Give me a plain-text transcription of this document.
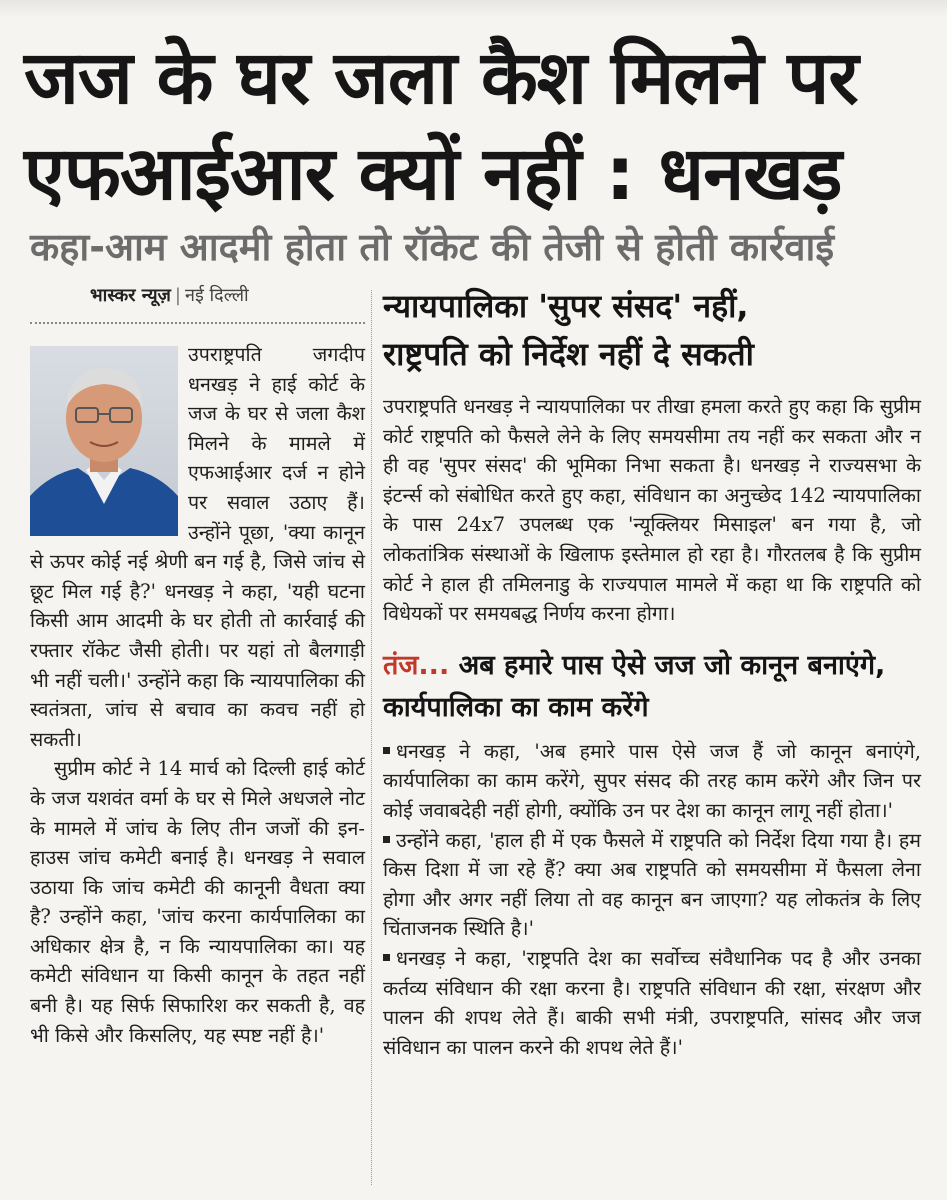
जज के घर जला कैश मिलने पर
एफआईआर क्यों नहीं : धनखड़
कहा-आम आदमी होता तो रॉकेट की तेजी से होती कार्रवाई
भास्कर न्यूज़ | नई दिल्ली
उपराष्ट्रपति जगदीप धनखड़ ने हाई कोर्ट के जज के घर से जला कैश मिलने के मामले में एफआईआर दर्ज न होने पर सवाल उठाए हैं। उन्होंने पूछा, 'क्या कानून से ऊपर कोई नई श्रेणी बन गई है, जिसे जांच से छूट मिल गई है?' धनखड़ ने कहा, 'यही घटना किसी आम आदमी के घर होती तो कार्रवाई की रफ्तार रॉकेट जैसी होती। पर यहां तो बैलगाड़ी भी नहीं चली।' उन्होंने कहा कि न्यायपालिका की स्वतंत्रता, जांच से बचाव का कवच नहीं हो सकती।
सुप्रीम कोर्ट ने 14 मार्च को दिल्ली हाई कोर्ट के जज यशवंत वर्मा के घर से मिले अधजले नोट के मामले में जांच के लिए तीन जजों की इन-हाउस जांच कमेटी बनाई है। धनखड़ ने सवाल उठाया कि जांच कमेटी की कानूनी वैधता क्या है? उन्होंने कहा, 'जांच करना कार्यपालिका का अधिकार क्षेत्र है, न कि न्यायपालिका का। यह कमेटी संविधान या किसी कानून के तहत नहीं बनी है। यह सिर्फ सिफारिश कर सकती है, वह भी किसे और किसलिए, यह स्पष्ट नहीं है।'
न्यायपालिका 'सुपर संसद' नहीं,
राष्ट्रपति को निर्देश नहीं दे सकती
उपराष्ट्रपति धनखड़ ने न्यायपालिका पर तीखा हमला करते हुए कहा कि सुप्रीम कोर्ट राष्ट्रपति को फैसले लेने के लिए समयसीमा तय नहीं कर सकता और न ही वह 'सुपर संसद' की भूमिका निभा सकता है। धनखड़ ने राज्यसभा के इंटर्न्स को संबोधित करते हुए कहा, संविधान का अनुच्छेद 142 न्यायपालिका के पास 24x7 उपलब्ध एक 'न्यूक्लियर मिसाइल' बन गया है, जो लोकतांत्रिक संस्थाओं के खिलाफ इस्तेमाल हो रहा है। गौरतलब है कि सुप्रीम कोर्ट ने हाल ही तमिलनाडु के राज्यपाल मामले में कहा था कि राष्ट्रपति को विधेयकों पर समयबद्ध निर्णय करना होगा।
तंज... अब हमारे पास ऐसे जज जो कानून बनाएंगे, कार्यपालिका का काम करेंगे

धनखड़ ने कहा, 'अब हमारे पास ऐसे जज हैं जो कानून बनाएंगे, कार्यपालिका का काम करेंगे, सुपर संसद की तरह काम करेंगे और जिन पर कोई जवाबदेही नहीं होगी, क्योंकि उन पर देश का कानून लागू नहीं होता।'

उन्होंने कहा, 'हाल ही में एक फैसले में राष्ट्रपति को निर्देश दिया गया है। हम किस दिशा में जा रहे हैं? क्या अब राष्ट्रपति को समयसीमा में फैसला लेना होगा और अगर नहीं लिया तो वह कानून बन जाएगा? यह लोकतंत्र के लिए चिंताजनक स्थिति है।'

धनखड़ ने कहा, 'राष्ट्रपति देश का सर्वोच्च संवैधानिक पद है और उनका कर्तव्य संविधान की रक्षा करना है। राष्ट्रपति संविधान की रक्षा, संरक्षण और पालन की शपथ लेते हैं। बाकी सभी मंत्री, उपराष्ट्रपति, सांसद और जज संविधान का पालन करने की शपथ लेते हैं।'
